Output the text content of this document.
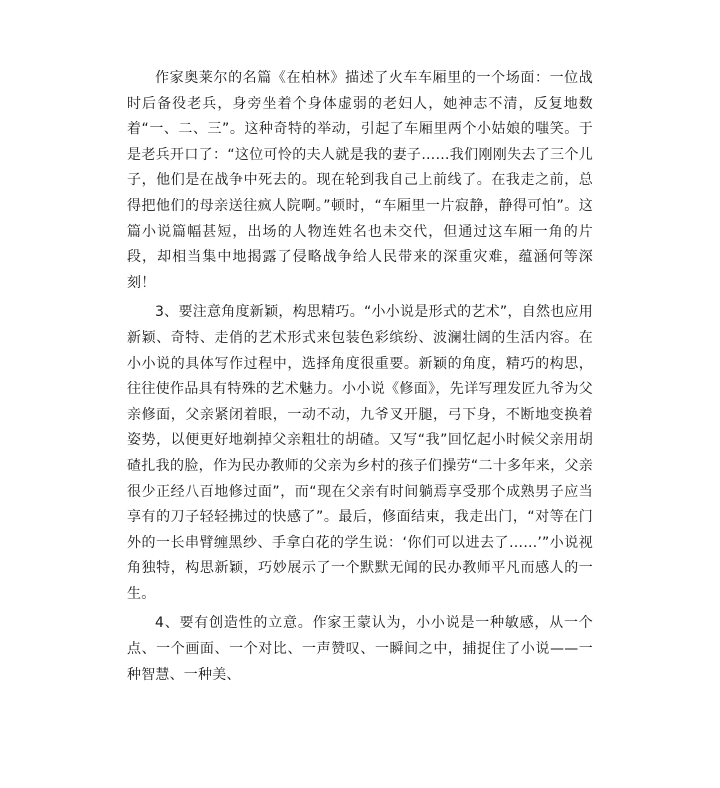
作家奥莱尔的名篇《在柏林》描述了火车车厢里的一个场面：一位战时后备役老兵，身旁坐着个身体虚弱的老妇人，她神志不清，反复地数着“一、二、三”。这种奇特的举动，引起了车厢里两个小姑娘的嗤笑。于是老兵开口了：“这位可怜的夫人就是我的妻子……我们刚刚失去了三个儿子，他们是在战争中死去的。现在轮到我自己上前线了。在我走之前，总得把他们的母亲送往疯人院啊。”顿时，“车厢里一片寂静，静得可怕”。这篇小说篇幅甚短，出场的人物连姓名也未交代，但通过这车厢一角的片段，却相当集中地揭露了侵略战争给人民带来的深重灾难，蕴涵何等深刻！

3、要注意角度新颖，构思精巧。“小小说是形式的艺术”，自然也应用新颖、奇特、走俏的艺术形式来包装色彩缤纷、波澜壮阔的生活内容。在小小说的具体写作过程中，选择角度很重要。新颖的角度，精巧的构思，往往使作品具有特殊的艺术魅力。小小说《修面》，先详写理发匠九爷为父亲修面，父亲紧闭着眼，一动不动，九爷叉开腿，弓下身，不断地变换着姿势，以便更好地剃掉父亲粗壮的胡碴。又写“我”回忆起小时候父亲用胡碴扎我的脸，作为民办教师的父亲为乡村的孩子们操劳“二十多年来，父亲很少正经八百地修过面”，而“现在父亲有时间躺焉享受那个成熟男子应当享有的刀子轻轻拂过的快感了”。最后，修面结束，我走出门，“对等在门外的一长串臂缠黑纱、手拿白花的学生说：‘你们可以进去了……’”小说视角独特，构思新颖，巧妙展示了一个默默无闻的民办教师平凡而感人的一生。

4、要有创造性的立意。作家王蒙认为，小小说是一种敏感，从一个点、一个画面、一个对比、一声赞叹、一瞬间之中，捕捉住了小说——一种智慧、一种美、
